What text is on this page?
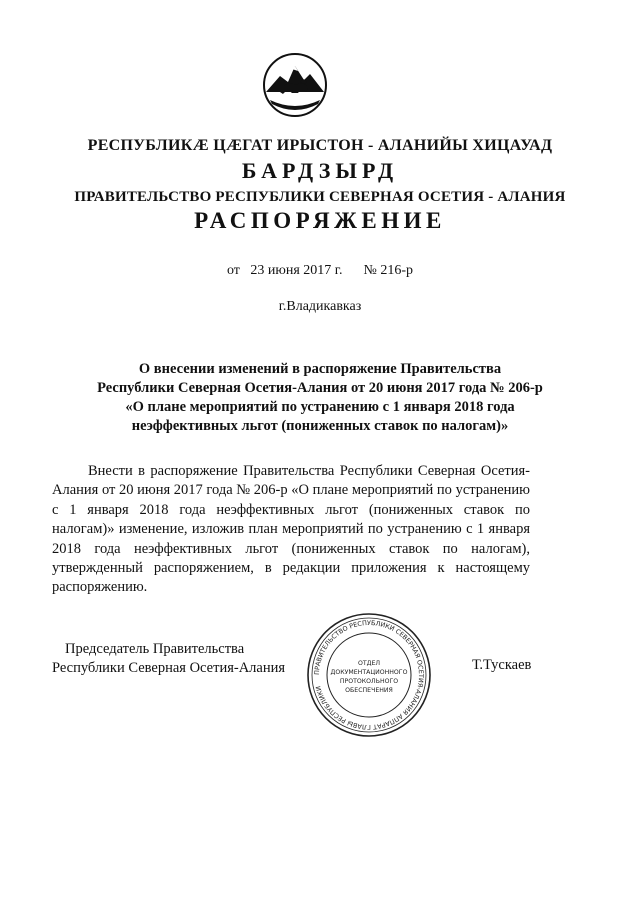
РЕСПУБЛИКӔ ЦӔГАТ ИРЫСТОН - АЛАНИЙЫ ХИЦАУАД
БАРДЗЫРД
ПРАВИТЕЛЬСТВО РЕСПУБЛИКИ СЕВЕРНАЯ ОСЕТИЯ - АЛАНИЯ
РАСПОРЯЖЕНИЕ
от 23 июня 2017 г. № 216-р
г.Владикавказ
О внесении изменений в распоряжение Правительства
Республики Северная Осетия-Алания от 20 июня 2017 года № 206-р
«О плане мероприятий по устранению с 1 января 2018 года
неэффективных льгот (пониженных ставок по налогам)»
Внести в распоряжение Правительства Республики Северная Осетия-Алания от 20 июня 2017 года № 206-р «О плане мероприятий по устранению с 1 января 2018 года неэффективных льгот (пониженных ставок по налогам)» изменение, изложив план мероприятий по устранению с 1 января 2018 года неэффективных льгот (пониженных ставок по налогам), утвержденный распоряжением, в редакции приложения к настоящему распоряжению.
Председатель Правительства
Республики Северная Осетия-Алания	ПРАВИТЕЛЬСТВО РЕСПУБЛИКИ СЕВЕРНАЯ ОСЕТИЯ-АЛАНИЯ АППАРАТ ГЛАВЫ РЕСПУБЛИКИ
ОТДЕЛ
ДОКУМЕНТАЦИОННОГО
ПРОТОКОЛЬНОГО
ОБЕСПЕЧЕНИЯ
Т.Тускаев
